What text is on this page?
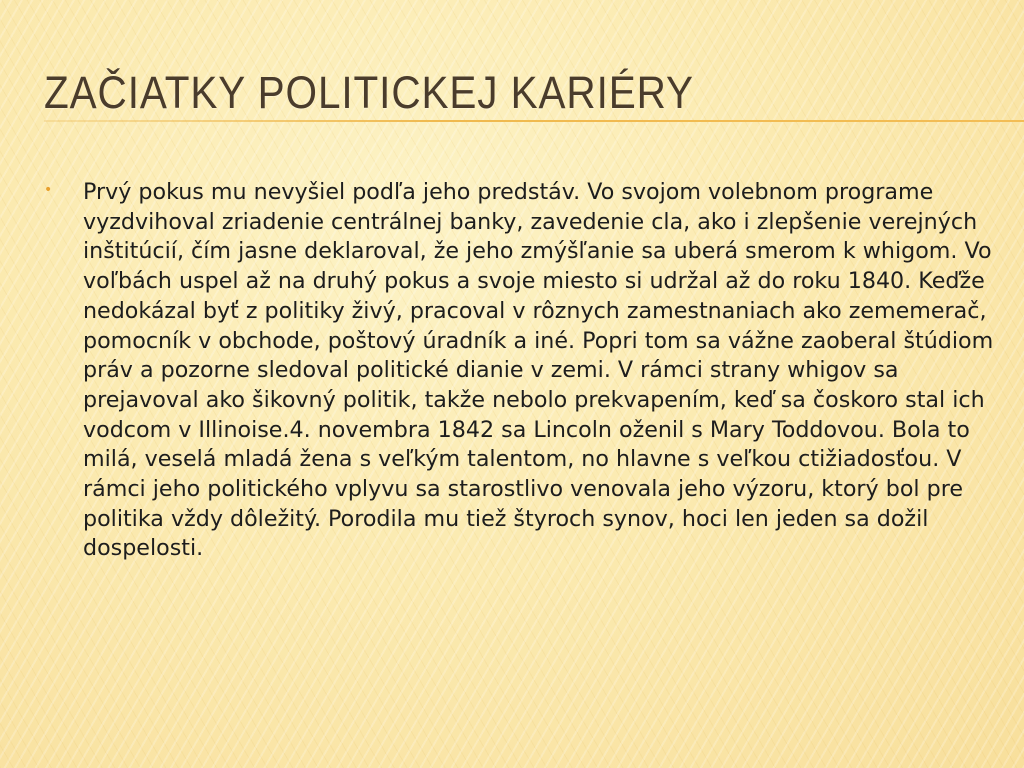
ZAČIATKY POLITICKEJ KARIÉRY
• Prvý pokus mu nevyšiel podľa jeho predstáv. Vo svojom volebnom programe vyzdvihoval zriadenie centrálnej banky, zavedenie cla, ako i zlepšenie verejných inštitúcií, čím jasne deklaroval, že jeho zmýšľanie sa uberá smerom k whigom. Vo voľbách uspel až na druhý pokus a svoje miesto si udržal až do roku 1840. Keďže nedokázal byť z politiky živý, pracoval v rôznych zamestnaniach ako zememerač, pomocník v obchode, poštový úradník a iné. Popri tom sa vážne zaoberal štúdiom práv a pozorne sledoval politické dianie v zemi. V rámci strany whigov sa prejavoval ako šikovný politik, takže nebolo prekvapením, keď sa čoskoro stal ich vodcom v Illinoise.4. novembra 1842 sa Lincoln oženil s Mary Toddovou. Bola to milá, veselá mladá žena s veľkým talentom, no hlavne s veľkou ctižiadosťou. V rámci jeho politického vplyvu sa starostlivo venovala jeho výzoru, ktorý bol pre politika vždy dôležitý. Porodila mu tiež štyroch synov, hoci len jeden sa dožil dospelosti.
